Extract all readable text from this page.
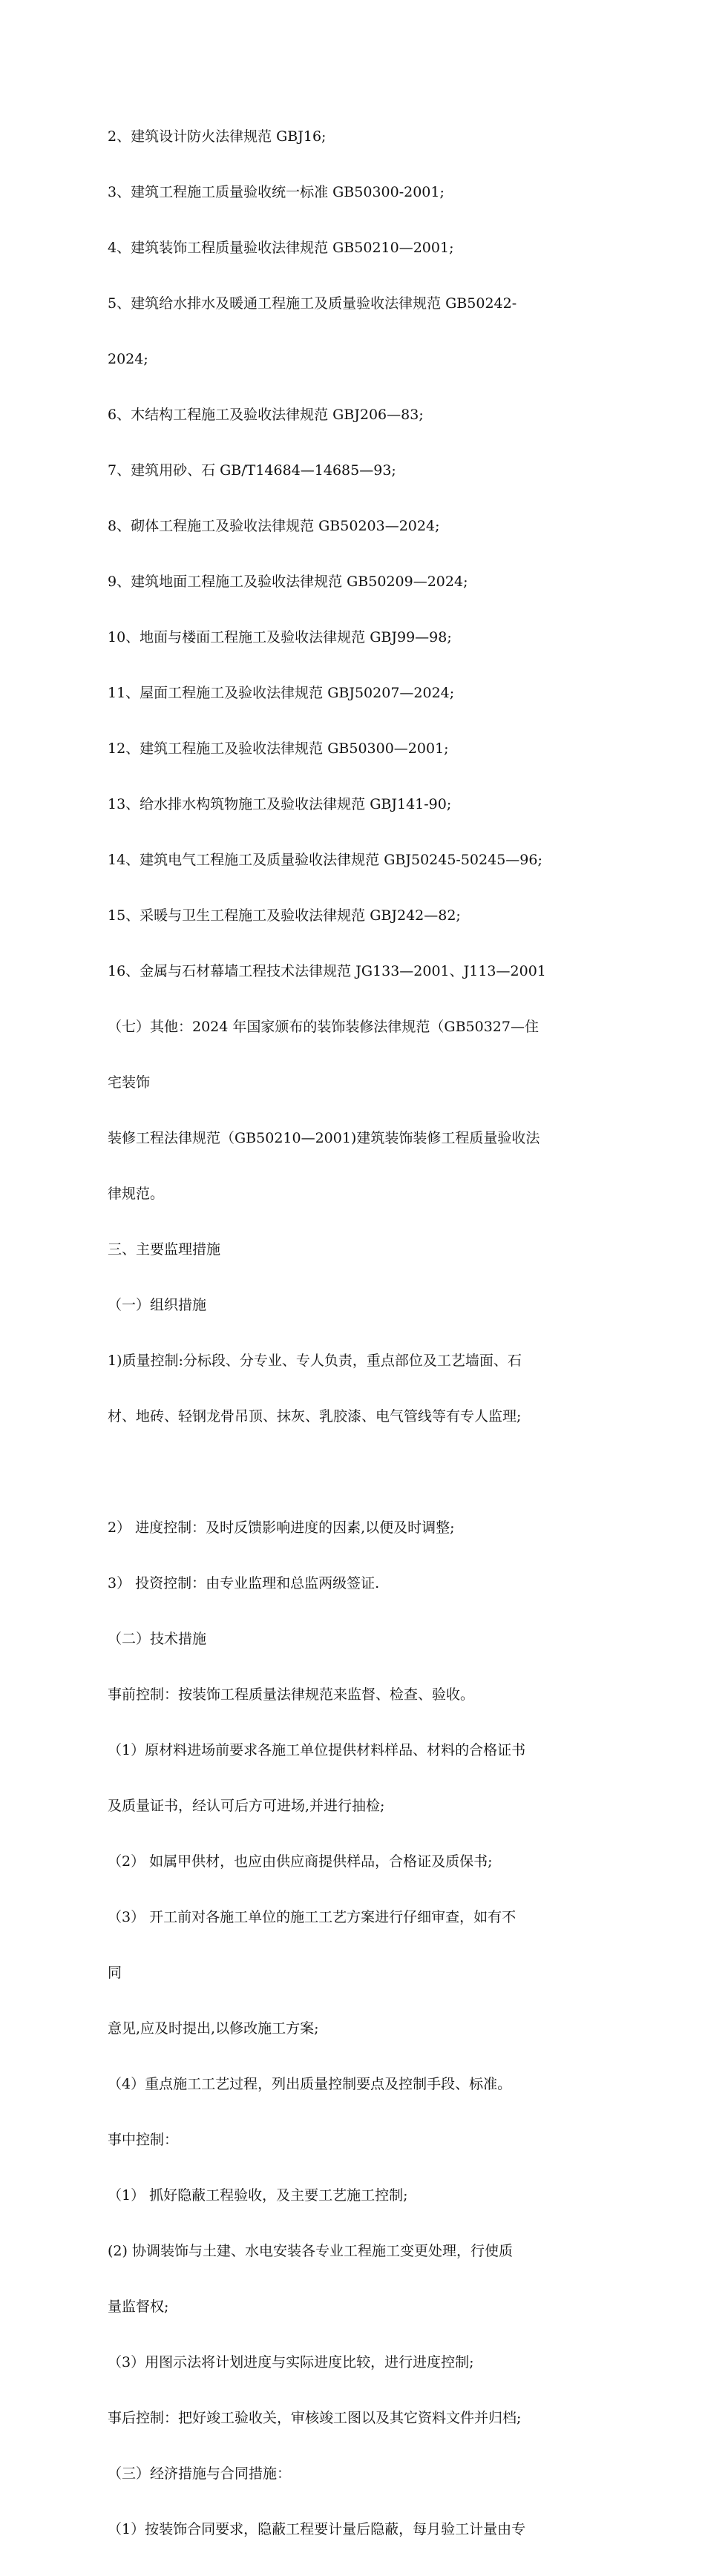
2、建筑设计防火法律规范 GBJ16;

3、建筑工程施工质量验收统一标准 GB50300-2001;

4、建筑装饰工程质量验收法律规范 GB50210—2001;

5、建筑给水排水及暖通工程施工及质量验收法律规范 GB50242-

2024;

6、木结构工程施工及验收法律规范 GBJ206—83;

7、建筑用砂、石 GB/T14684—14685—93;

8、砌体工程施工及验收法律规范 GB50203—2024;

9、建筑地面工程施工及验收法律规范 GB50209—2024;

10、地面与楼面工程施工及验收法律规范 GBJ99—98;

11、屋面工程施工及验收法律规范 GBJ50207—2024;

12、建筑工程施工及验收法律规范 GB50300—2001;

13、给水排水构筑物施工及验收法律规范 GBJ141-90;

14、建筑电气工程施工及质量验收法律规范 GBJ50245-50245—96;

15、采暖与卫生工程施工及验收法律规范 GBJ242—82;

16、金属与石材幕墙工程技术法律规范 JG133—2001、J113—2001

（七）其他：2024 年国家颁布的装饰装修法律规范（GB50327—住

宅装饰

装修工程法律规范（GB50210—2001)建筑装饰装修工程质量验收法

律规范。

三、主要监理措施

（一）组织措施

1)质量控制:分标段、分专业、专人负责，重点部位及工艺墙面、石

材、地砖、轻钢龙骨吊顶、抹灰、乳胶漆、电气管线等有专人监理;

2） 进度控制：及时反馈影响进度的因素,以便及时调整;

3） 投资控制：由专业监理和总监两级签证.

（二）技术措施

事前控制：按装饰工程质量法律规范来监督、检查、验收。

（1）原材料进场前要求各施工单位提供材料样品、材料的合格证书

及质量证书，经认可后方可进场,并进行抽检;

（2） 如属甲供材，也应由供应商提供样品，合格证及质保书;

（3） 开工前对各施工单位的施工工艺方案进行仔细审查，如有不

同

意见,应及时提出,以修改施工方案;

（4）重点施工工艺过程，列出质量控制要点及控制手段、标准。

事中控制：

（1） 抓好隐蔽工程验收，及主要工艺施工控制;

(2) 协调装饰与土建、水电安装各专业工程施工变更处理，行使质

量监督权;

（3）用图示法将计划进度与实际进度比较，进行进度控制;

事后控制：把好竣工验收关，审核竣工图以及其它资料文件并归档;

（三）经济措施与合同措施：

（1）按装饰合同要求，隐蔽工程要计量后隐蔽，每月验工计量由专
